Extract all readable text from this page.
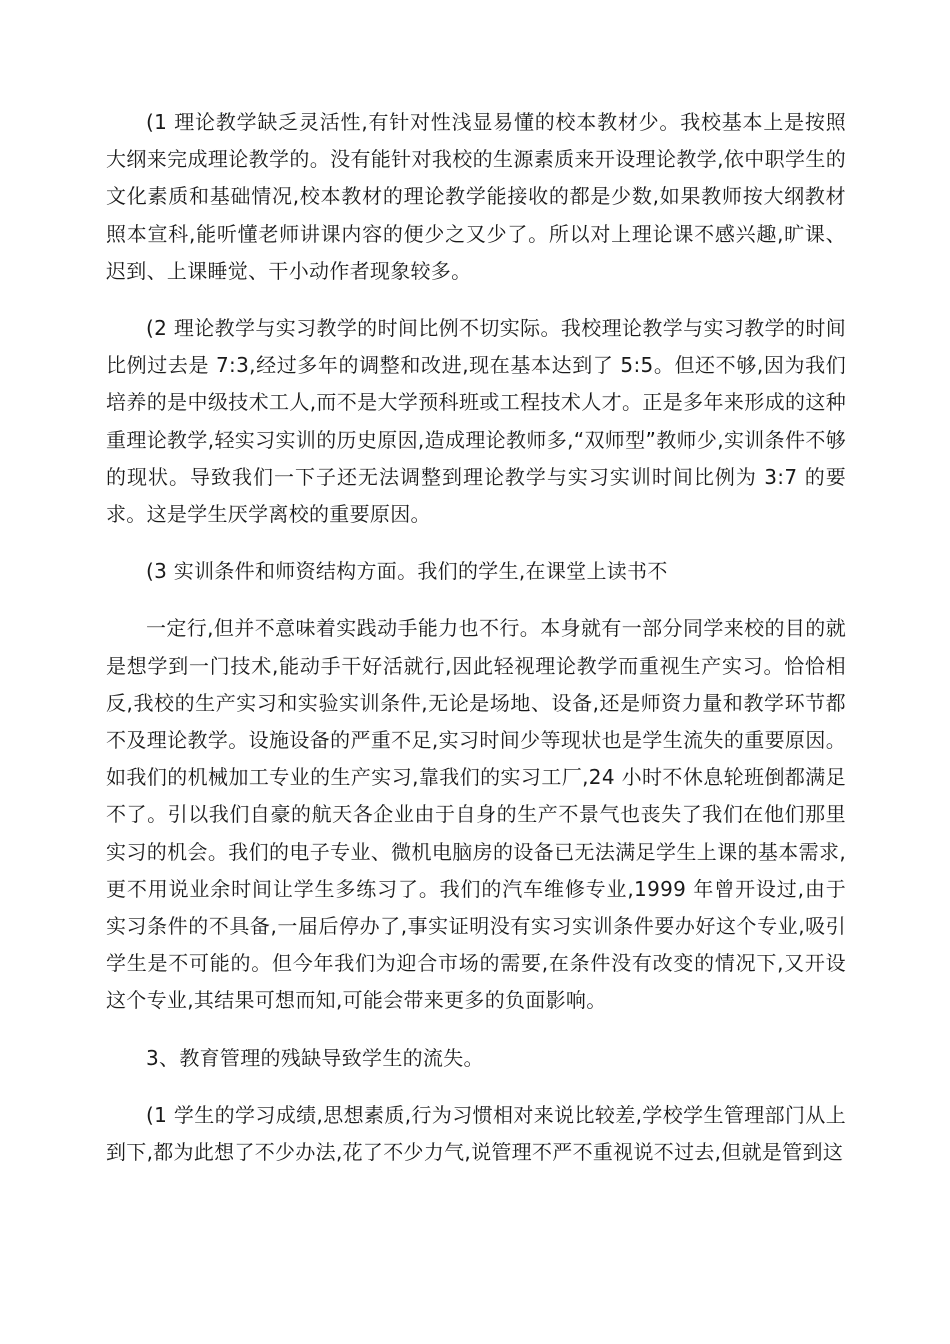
(1 理论教学缺乏灵活性,有针对性浅显易懂的校本教材少。我校基本上是按照大纲来完成理论教学的。没有能针对我校的生源素质来开设理论教学,依中职学生的文化素质和基础情况,校本教材的理论教学能接收的都是少数,如果教师按大纲教材照本宣科,能听懂老师讲课内容的便少之又少了。所以对上理论课不感兴趣,旷课、迟到、上课睡觉、干小动作者现象较多。

(2 理论教学与实习教学的时间比例不切实际。我校理论教学与实习教学的时间比例过去是 7:3,经过多年的调整和改进,现在基本达到了 5:5。但还不够,因为我们培养的是中级技术工人,而不是大学预科班或工程技术人才。正是多年来形成的这种重理论教学,轻实习实训的历史原因,造成理论教师多,“双师型”教师少,实训条件不够的现状。导致我们一下子还无法调整到理论教学与实习实训时间比例为 3:7 的要求。这是学生厌学离校的重要原因。

(3 实训条件和师资结构方面。我们的学生,在课堂上读书不

一定行,但并不意味着实践动手能力也不行。本身就有一部分同学来校的目的就是想学到一门技术,能动手干好活就行,因此轻视理论教学而重视生产实习。恰恰相反,我校的生产实习和实验实训条件,无论是场地、设备,还是师资力量和教学环节都不及理论教学。设施设备的严重不足,实习时间少等现状也是学生流失的重要原因。如我们的机械加工专业的生产实习,靠我们的实习工厂,24 小时不休息轮班倒都满足不了。引以我们自豪的航天各企业由于自身的生产不景气也丧失了我们在他们那里实习的机会。我们的电子专业、微机电脑房的设备已无法满足学生上课的基本需求,更不用说业余时间让学生多练习了。我们的汽车维修专业,1999 年曾开设过,由于实习条件的不具备,一届后停办了,事实证明没有实习实训条件要办好这个专业,吸引学生是不可能的。但今年我们为迎合市场的需要,在条件没有改变的情况下,又开设这个专业,其结果可想而知,可能会带来更多的负面影响。

3、教育管理的残缺导致学生的流失。

(1 学生的学习成绩,思想素质,行为习惯相对来说比较差,学校学生管理部门从上到下,都为此想了不少办法,花了不少力气,说管理不严不重视说不过去,但就是管到这
